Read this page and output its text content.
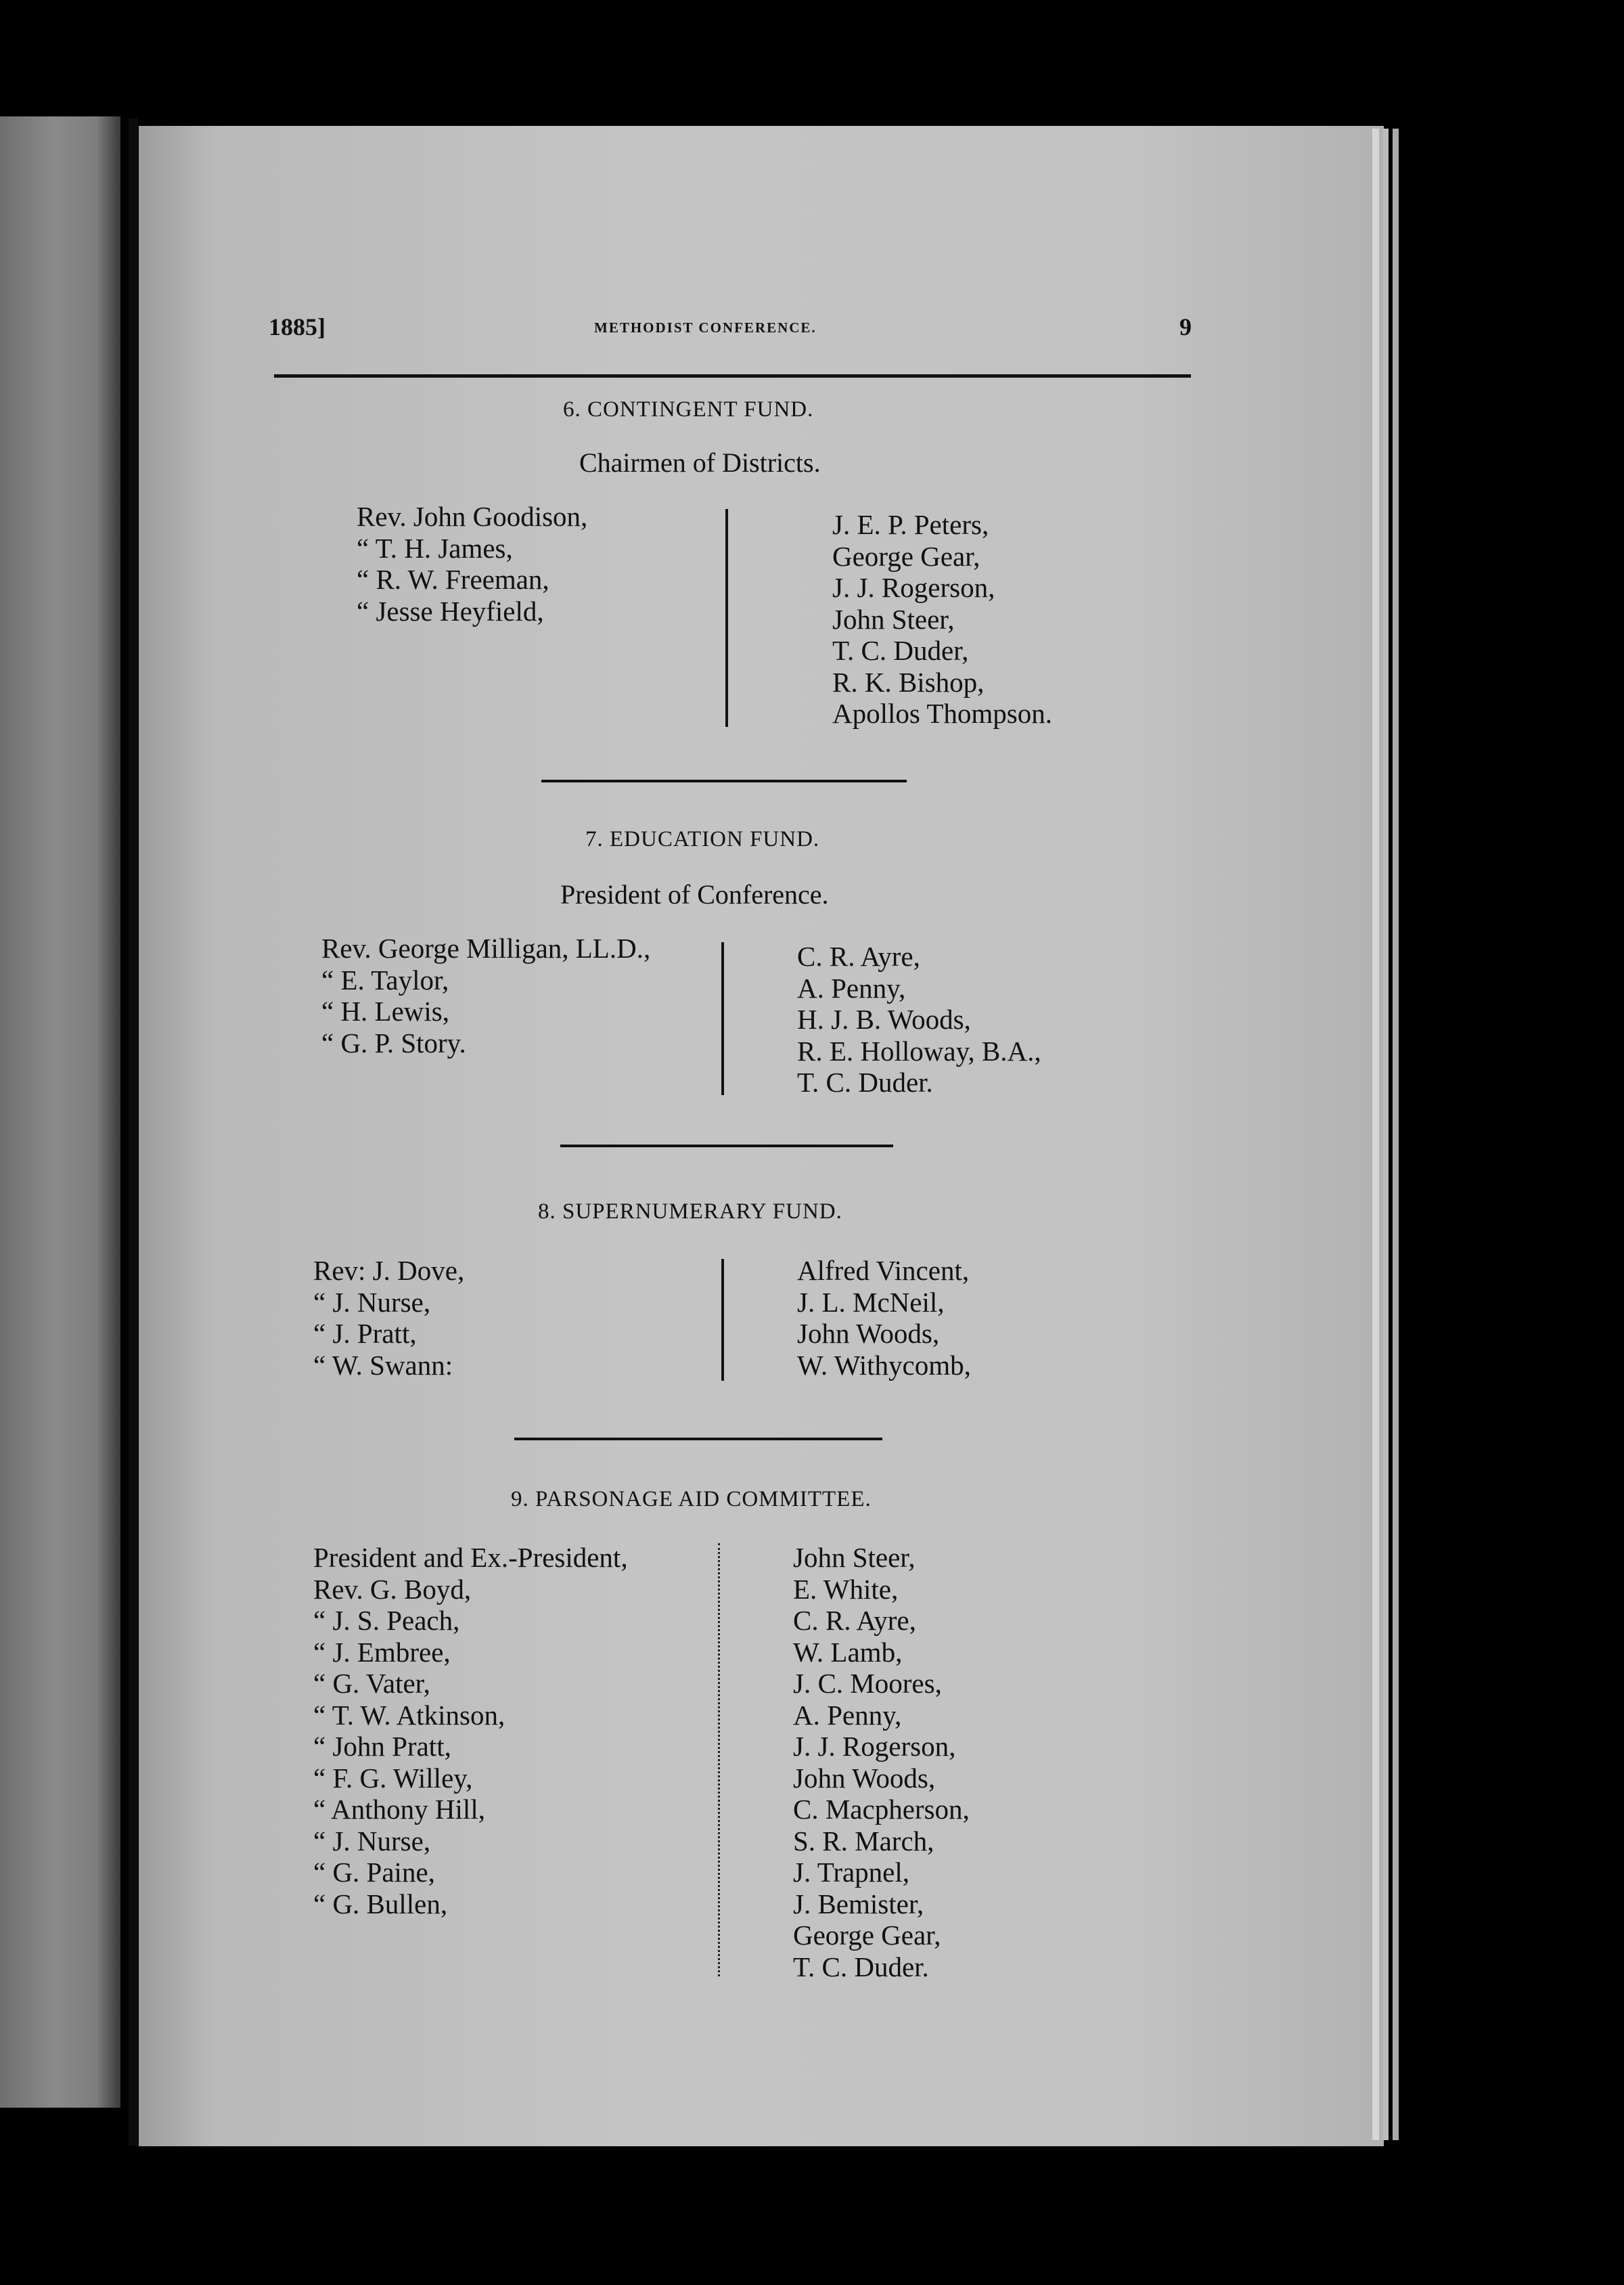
1885]	METHODIST CONFERENCE.	9
6. CONTINGENT FUND.
Chairmen of Districts.
Rev. John Goodison,
“ T. H. James,
“ R. W. Freeman,
“ Jesse Heyfield,
J. E. P. Peters,
George Gear,
J. J. Rogerson,
John Steer,
T. C. Duder,
R. K. Bishop,
Apollos Thompson.
7. EDUCATION FUND.
President of Conference.
Rev. George Milligan, LL.D.,
“ E. Taylor,
“ H. Lewis,
“ G. P. Story.
C. R. Ayre,
A. Penny,
H. J. B. Woods,
R. E. Holloway, B.A.,
T. C. Duder.
8. SUPERNUMERARY FUND.
Rev: J. Dove,
“ J. Nurse,
“ J. Pratt,
“ W. Swann:
Alfred Vincent,
J. L. McNeil,
John Woods,
W. Withycomb,
9. PARSONAGE AID COMMITTEE.
President and Ex.-President,
Rev. G. Boyd,
“ J. S. Peach,
“ J. Embree,
“ G. Vater,
“ T. W. Atkinson,
“ John Pratt,
“ F. G. Willey,
“ Anthony Hill,
“ J. Nurse,
“ G. Paine,
“ G. Bullen,
John Steer,
E. White,
C. R. Ayre,
W. Lamb,
J. C. Moores,
A. Penny,
J. J. Rogerson,
John Woods,
C. Macpherson,
S. R. March,
J. Trapnel,
J. Bemister,
George Gear,
T. C. Duder.
